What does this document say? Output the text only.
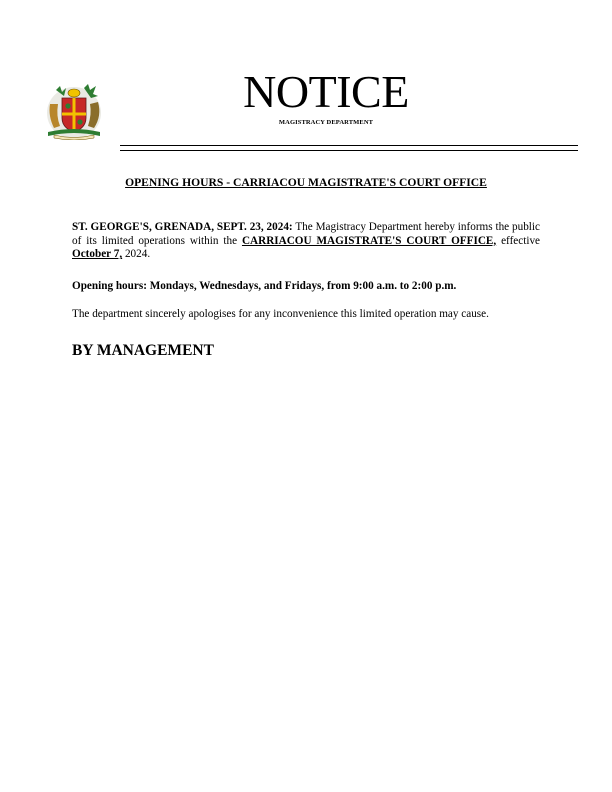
NOTICE
MAGISTRACY DEPARTMENT
OPENING HOURS - CARRIACOU MAGISTRATE'S COURT OFFICE
ST. GEORGE'S, GRENADA, SEPT. 23, 2024: The Magistracy Department hereby informs the public of its limited operations within the CARRIACOU MAGISTRATE'S COURT OFFICE, effective October 7, 2024.
Opening hours: Mondays, Wednesdays, and Fridays, from 9:00 a.m. to 2:00 p.m.
The department sincerely apologises for any inconvenience this limited operation may cause.
BY MANAGEMENT
